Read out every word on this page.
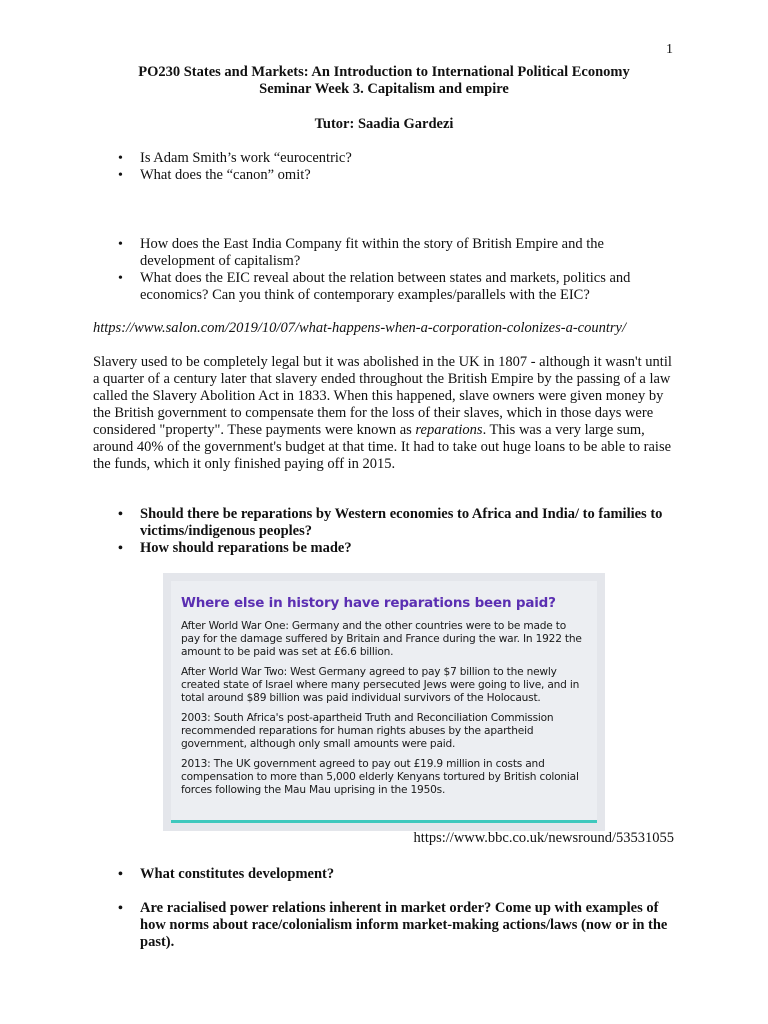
1
PO230 States and Markets: An Introduction to International Political Economy
Seminar Week 3. Capitalism and empire
Tutor: Saadia Gardezi
• Is Adam Smith’s work “eurocentric?
• What does the “canon” omit?
• How does the East India Company fit within the story of British Empire and the development of capitalism?
• What does the EIC reveal about the relation between states and markets, politics and economics? Can you think of contemporary examples/parallels with the EIC?
https://www.salon.com/2019/10/07/what-happens-when-a-corporation-colonizes-a-country/

Slavery used to be completely legal but it was abolished in the UK in 1807 - although it wasn't until a quarter of a century later that slavery ended throughout the British Empire by the passing of a law called the Slavery Abolition Act in 1833. When this happened, slave owners were given money by the British government to compensate them for the loss of their slaves, which in those days were considered "property". These payments were known as reparations. This was a very large sum, around 40% of the government's budget at that time. It had to take out huge loans to be able to raise the funds, which it only finished paying off in 2015.

• Should there be reparations by Western economies to Africa and India/ to families to victims/indigenous peoples?
• How should reparations be made?
Where else in history have reparations been paid?
After World War One: Germany and the other countries were to be made to pay for the damage suffered by Britain and France during the war. In 1922 the amount to be paid was set at £6.6 billion.
After World War Two: West Germany agreed to pay $7 billion to the newly created state of Israel where many persecuted Jews were going to live, and in total around $89 billion was paid individual survivors of the Holocaust.
2003: South Africa's post-apartheid Truth and Reconciliation Commission recommended reparations for human rights abuses by the apartheid government, although only small amounts were paid.
2013: The UK government agreed to pay out £19.9 million in costs and compensation to more than 5,000 elderly Kenyans tortured by British colonial forces following the Mau Mau uprising in the 1950s.
https://www.bbc.co.uk/newsround/53531055
• What constitutes development?
• Are racialised power relations inherent in market order? Come up with examples of how norms about race/colonialism inform market-making actions/laws (now or in the past).
